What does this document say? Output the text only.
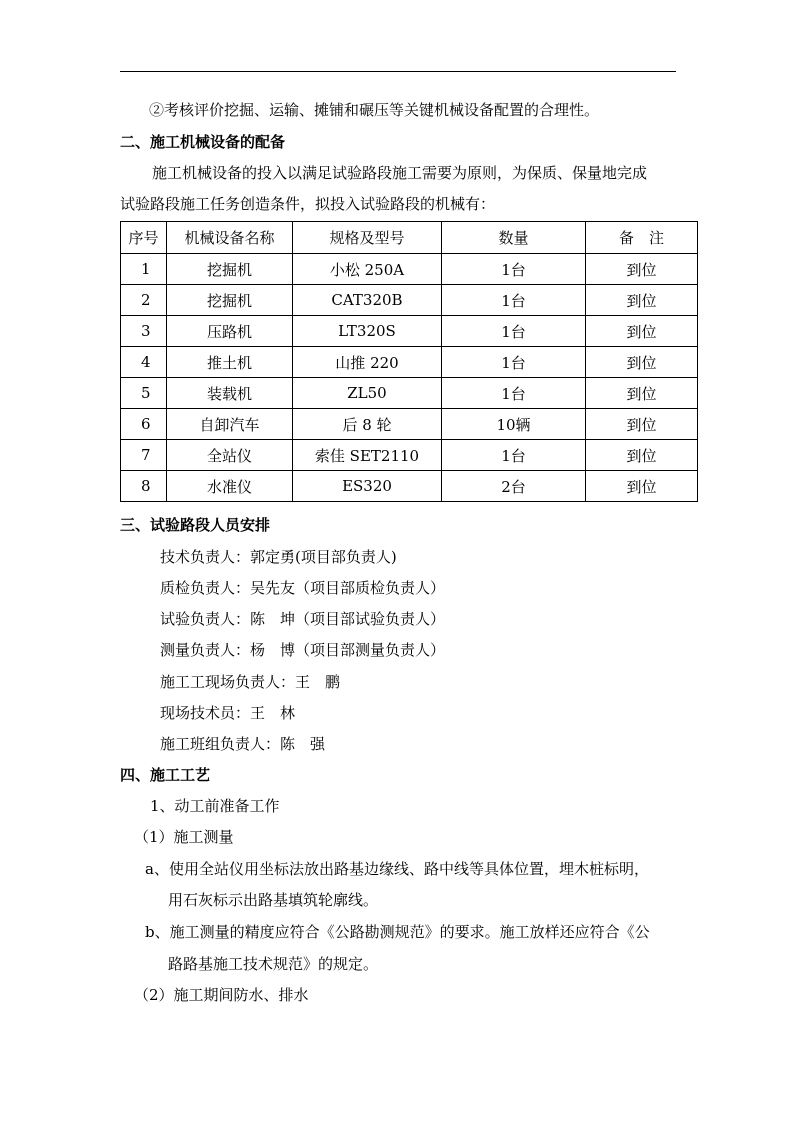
②考核评价挖掘、运输、摊铺和碾压等关键机械设备配置的合理性。
二、施工机械设备的配备
施工机械设备的投入以满足试验路段施工需要为原则，为保质、保量地完成
试验路段施工任务创造条件，拟投入试验路段的机械有：
序号	机械设备名称	规格及型号	数量	备　注
1	挖掘机	小松 250A	1台	到位
2	挖掘机	CAT320B	1台	到位
3	压路机	LT320S	1台	到位
4	推土机	山推 220	1台	到位
5	装载机	ZL50	1台	到位
6	自卸汽车	后 8 轮	10辆	到位
7	全站仪	索佳 SET2110	1台	到位
8	水准仪	ES320	2台	到位
三、试验路段人员安排
技术负责人：郭定勇(项目部负责人)
质检负责人：吴先友（项目部质检负责人）
试验负责人：陈　坤（项目部试验负责人）
测量负责人：杨　博（项目部测量负责人）
施工工现场负责人：王　鹏
现场技术员：王　林
施工班组负责人：陈　强
四、施工工艺
1、动工前准备工作
（1）施工测量
a、使用全站仪用坐标法放出路基边缘线、路中线等具体位置，埋木桩标明，
用石灰标示出路基填筑轮廓线。
b、施工测量的精度应符合《公路勘测规范》的要求。施工放样还应符合《公
路路基施工技术规范》的规定。
（2）施工期间防水、排水
